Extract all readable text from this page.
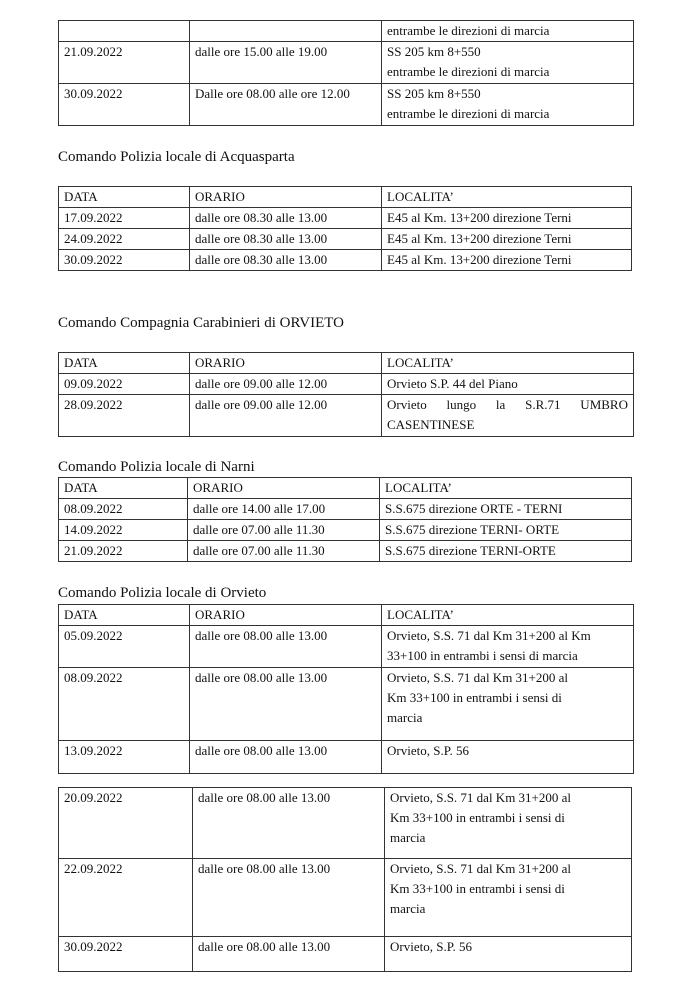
		entrambe le direzioni di marcia
21.09.2022	dalle ore 15.00 alle 19.00	SS 205 km 8+550
entrambe le direzioni di marcia

30.09.2022	Dalle ore 08.00 alle ore 12.00	SS 205 km 8+550
entrambe le direzioni di marcia
Comando Polizia locale di Acquasparta
DATA	ORARIO	LOCALITA’
17.09.2022	dalle ore 08.30 alle 13.00	E45 al Km. 13+200 direzione Terni
24.09.2022	dalle ore 08.30 alle 13.00	E45 al Km. 13+200 direzione Terni
30.09.2022	dalle ore 08.30 alle 13.00	E45 al Km. 13+200 direzione Terni
Comando Compagnia Carabinieri di ORVIETO
DATA	ORARIO	LOCALITA’
09.09.2022	dalle ore 09.00 alle 12.00	Orvieto S.P. 44 del Piano
28.09.2022	dalle ore 09.00 alle 12.00	Orvieto lungo la S.R.71 UMBRO
CASENTINESE
Comando Polizia locale di Narni
DATA	ORARIO	LOCALITA’
08.09.2022	dalle ore 14.00 alle 17.00	S.S.675 direzione ORTE - TERNI
14.09.2022	dalle ore 07.00 alle 11.30	S.S.675 direzione TERNI- ORTE
21.09.2022	dalle ore 07.00 alle 11.30	S.S.675 direzione TERNI-ORTE
Comando Polizia locale di Orvieto
DATA	ORARIO	LOCALITA’
05.09.2022	dalle ore 08.00 alle 13.00	Orvieto, S.S. 71 dal Km 31+200 al Km
33+100 in entrambi i sensi di marcia

08.09.2022	dalle ore 08.00 alle 13.00	Orvieto, S.S. 71 dal Km 31+200 al
Km 33+100 in entrambi i sensi di
marcia

13.09.2022	dalle ore 08.00 alle 13.00	Orvieto, S.P. 56
20.09.2022	dalle ore 08.00 alle 13.00	Orvieto, S.S. 71 dal Km 31+200 al
Km 33+100 in entrambi i sensi di
marcia

22.09.2022	dalle ore 08.00 alle 13.00	Orvieto, S.S. 71 dal Km 31+200 al
Km 33+100 in entrambi i sensi di
marcia

30.09.2022	dalle ore 08.00 alle 13.00	Orvieto, S.P. 56
